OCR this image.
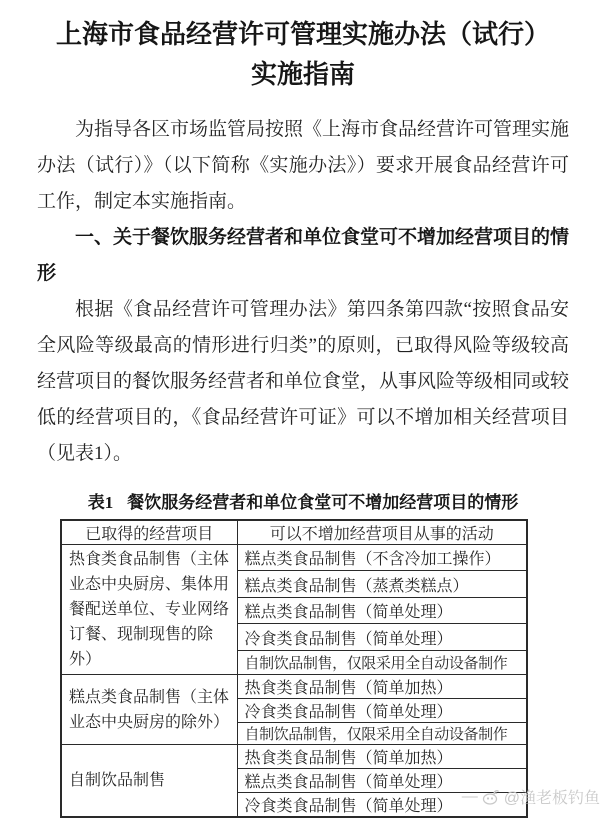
上海市食品经营许可管理实施办法（试行）
实施指南

为指导各区市场监管局按照《上海市食品经营许可管理实施办法（试行）》（以下简称《实施办法》）要求开展食品经营许可工作，制定本实施指南。

一、关于餐饮服务经营者和单位食堂可不增加经营项目的情形

根据《食品经营许可管理办法》第四条第四款“按照食品安全风险等级最高的情形进行归类”的原则，已取得风险等级较高经营项目的餐饮服务经营者和单位食堂，从事风险等级相同或较低的经营项目的，《食品经营许可证》可以不增加相关经营项目（见表1）。

表1 餐饮服务经营者和单位食堂可不增加经营项目的情形
已取得的经营项目	可以不增加经营项目从事的活动
热食类食品制售（主体业态中央厨房、集体用餐配送单位、专业网络订餐、现制现售的除外）	糕点类食品制售（不含冷加工操作）
	糕点类食品制售（蒸煮类糕点）
	糕点类食品制售（简单处理）
	冷食类食品制售（简单处理）
	自制饮品制售，仅限采用全自动设备制作
糕点类食品制售（主体业态中央厨房的除外）	热食类食品制售（简单加热）
	冷食类食品制售（简单处理）
	自制饮品制售，仅限采用全自动设备制作
自制饮品制售	热食类食品制售（简单加热）
	糕点类食品制售（简单处理）
	冷食类食品制售（简单处理）
— @渔老板钓鱼
